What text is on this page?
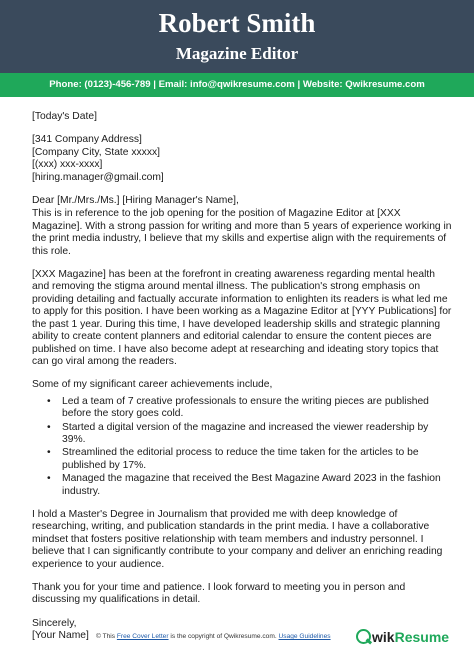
Robert Smith
Magazine Editor
Phone: (0123)-456-789 | Email: info@qwikresume.com | Website: Qwikresume.com

[Today's Date]

[341 Company Address]

[Company City, State xxxxx]

[(xxx) xxx-xxxx]

[hiring.manager@gmail.com]

Dear [Mr./Mrs./Ms.] [Hiring Manager's Name],

This is in reference to the job opening for the position of Magazine Editor at [XXX Magazine]. With a strong passion for writing and more than 5 years of experience working in the print media industry, I believe that my skills and expertise align with the requirements of this role.

[XXX Magazine] has been at the forefront in creating awareness regarding mental health and removing the stigma around mental illness. The publication's strong emphasis on providing detailing and factually accurate information to enlighten its readers is what led me to apply for this position. I have been working as a Magazine Editor at [YYY Publications] for the past 1 year. During this time, I have developed leadership skills and strategic planning ability to create content planners and editorial calendar to ensure the content pieces are published on time. I have also become adept at researching and ideating story topics that can go viral among the readers.

Some of my significant career achievements include,

• Led a team of 7 creative professionals to ensure the writing pieces are published before the story goes cold.
• Started a digital version of the magazine and increased the viewer readership by 39%.
• Streamlined the editorial process to reduce the time taken for the articles to be published by 17%.
• Managed the magazine that received the Best Magazine Award 2023 in the fashion industry.

I hold a Master's Degree in Journalism that provided me with deep knowledge of researching, writing, and publication standards in the print media. I have a collaborative mindset that fosters positive relationship with team members and industry personnel. I believe that I can significantly contribute to your company and deliver an enriching reading experience to your audience.

Thank you for your time and patience. I look forward to meeting you in person and discussing my qualifications in detail.

Sincerely,

[Your Name]	© This Free Cover Letter is the copyright of Qwikresume.com. Usage Guidelines	wikResume
